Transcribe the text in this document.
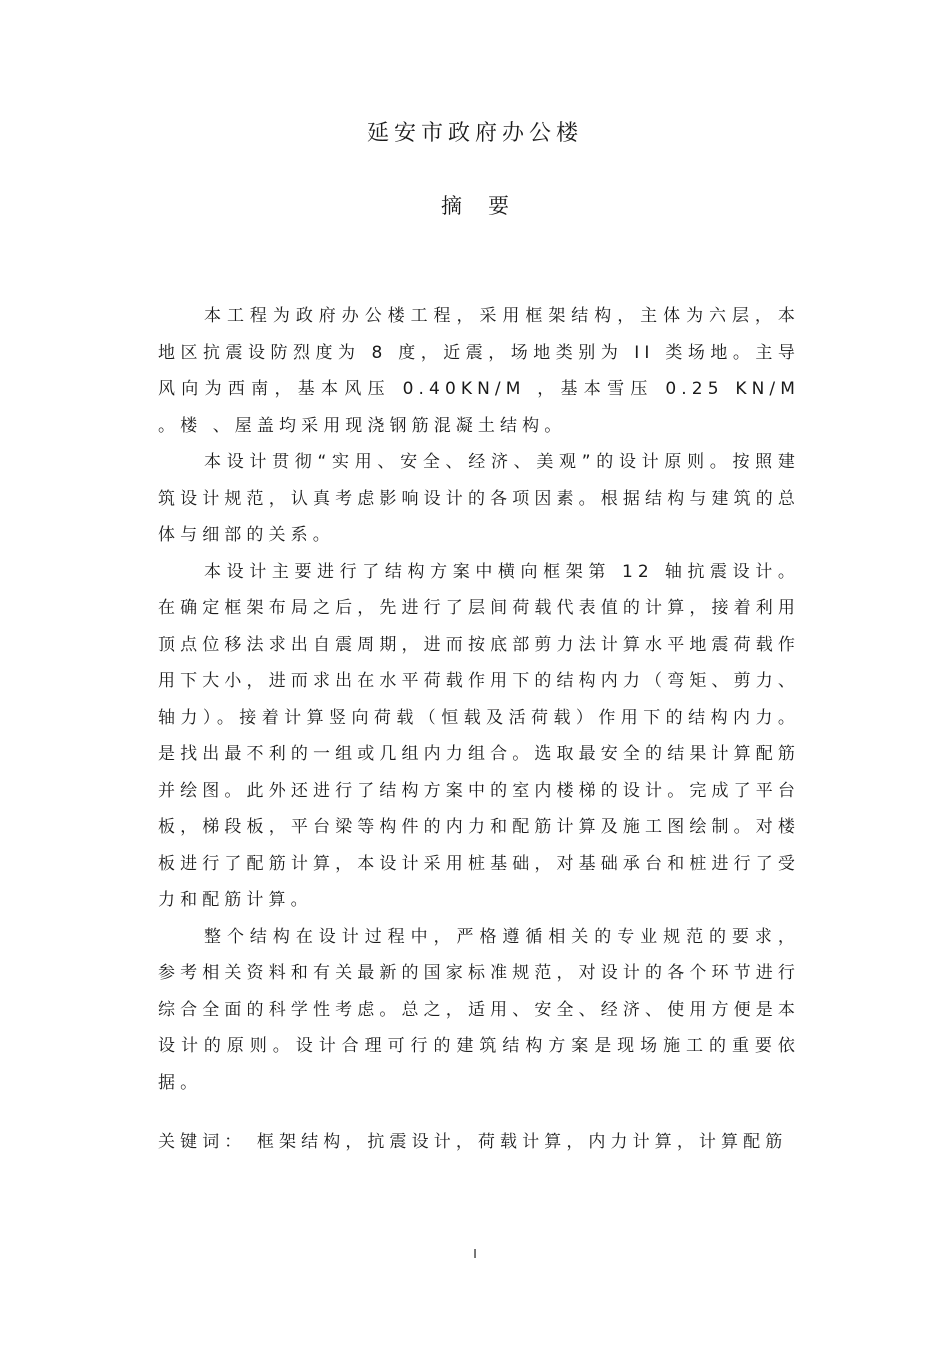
延安市政府办公楼
摘要

本工程为政府办公楼工程，采用框架结构，主体为六层，本地区抗震设防烈度为 8 度，近震，场地类别为 II 类场地。主导风向为西南，基本风压 0.40KN/M ，基本雪压 0.25 KN/M 。楼 、屋盖均采用现浇钢筋混凝土结构。

本设计贯彻“实用、安全、经济、美观”的设计原则。按照建筑设计规范，认真考虑影响设计的各项因素。根据结构与建筑的总体与细部的关系。

本设计主要进行了结构方案中横向框架第 12 轴抗震设计。在确定框架布局之后，先进行了层间荷载代表值的计算，接着利用顶点位移法求出自震周期，进而按底部剪力法计算水平地震荷载作用下大小，进而求出在水平荷载作用下的结构内力（弯矩、剪力、轴力）。接着计算竖向荷载（恒载及活荷载）作用下的结构内力。是找出最不利的一组或几组内力组合。选取最安全的结果计算配筋并绘图。此外还进行了结构方案中的室内楼梯的设计。完成了平台板，梯段板，平台梁等构件的内力和配筋计算及施工图绘制。对楼板进行了配筋计算，本设计采用桩基础，对基础承台和桩进行了受力和配筋计算。

整个结构在设计过程中，严格遵循相关的专业规范的要求，参考相关资料和有关最新的国家标准规范，对设计的各个环节进行综合全面的科学性考虑。总之，适用、安全、经济、使用方便是本设计的原则。设计合理可行的建筑结构方案是现场施工的重要依据。

关键词： 框架结构，抗震设计，荷载计算，内力计算，计算配筋
I
